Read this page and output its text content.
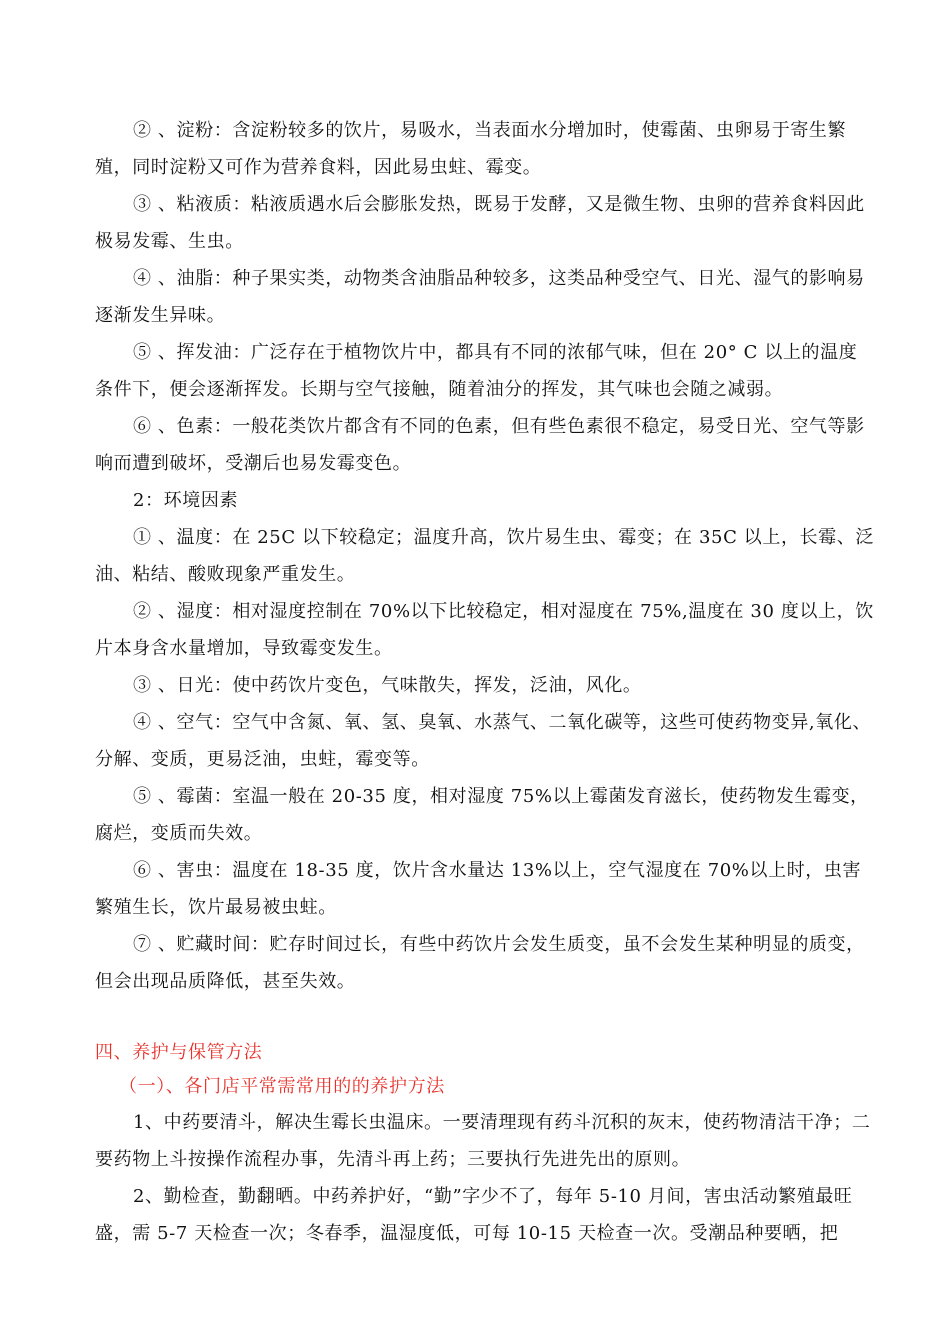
② 、淀粉：含淀粉较多的饮片，易吸水，当表面水分增加时，使霉菌、虫卵易于寄生繁殖，同时淀粉又可作为营养食料，因此易虫蛀、霉变。

③ 、粘液质：粘液质遇水后会膨胀发热，既易于发酵，又是微生物、虫卵的营养食料因此极易发霉、生虫。

④ 、油脂：种子果实类，动物类含油脂品种较多，这类品种受空气、日光、湿气的影响易逐渐发生异味。

⑤ 、挥发油：广泛存在于植物饮片中，都具有不同的浓郁气味，但在 20° C 以上的温度条件下，便会逐渐挥发。长期与空气接触，随着油分的挥发，其气味也会随之减弱。

⑥ 、色素：一般花类饮片都含有不同的色素，但有些色素很不稳定，易受日光、空气等影响而遭到破坏，受潮后也易发霉变色。

2：环境因素

① 、温度：在 25C 以下较稳定；温度升高，饮片易生虫、霉变；在 35C 以上，长霉、泛油、粘结、酸败现象严重发生。

② 、湿度：相对湿度控制在 70%以下比较稳定，相对湿度在 75%,温度在 30 度以上，饮片本身含水量增加，导致霉变发生。

③ 、日光：使中药饮片变色，气味散失，挥发，泛油，风化。

④ 、空气：空气中含氮、氧、氢、臭氧、水蒸气、二氧化碳等，这些可使药物变异,氧化、分解、变质，更易泛油，虫蛀，霉变等。

⑤ 、霉菌：室温一般在 20-35 度，相对湿度 75%以上霉菌发育滋长，使药物发生霉变，腐烂，变质而失效。

⑥ 、害虫：温度在 18-35 度，饮片含水量达 13%以上，空气湿度在 70%以上时，虫害繁殖生长，饮片最易被虫蛀。

⑦ 、贮藏时间：贮存时间过长，有些中药饮片会发生质变，虽不会发生某种明显的质变，但会出现品质降低，甚至失效。

四、养护与保管方法

（一）、各门店平常需常用的的养护方法

1、中药要清斗，解决生霉长虫温床。一要清理现有药斗沉积的灰末，使药物清洁干净；二要药物上斗按操作流程办事，先清斗再上药；三要执行先进先出的原则。

2、勤检查，勤翻晒。中药养护好，“勤”字少不了，每年 5-10 月间，害虫活动繁殖最旺盛，需 5-7 天检查一次；冬春季，温湿度低，可每 10-15 天检查一次。受潮品种要晒，把
